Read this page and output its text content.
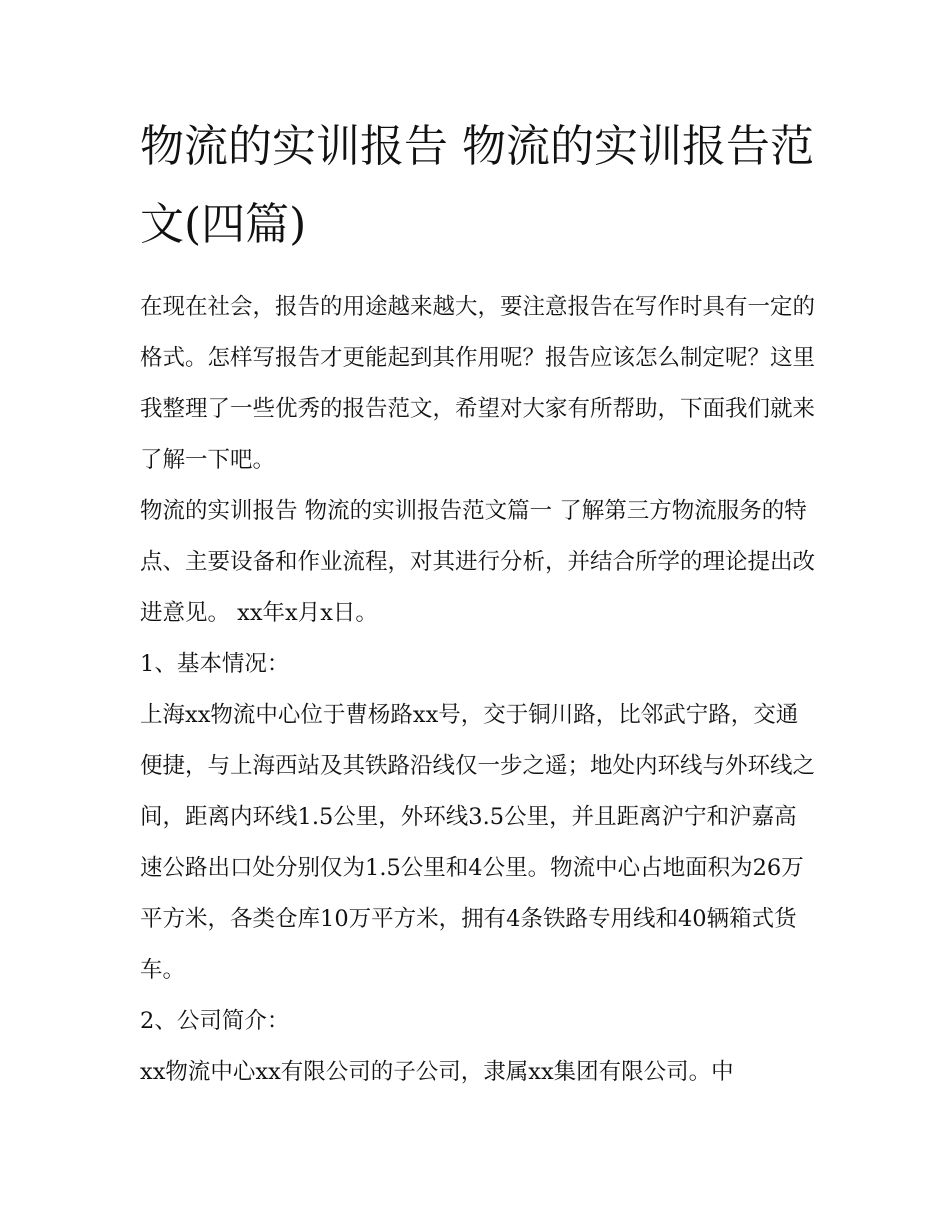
物流的实训报告 物流的实训报告范文(四篇)

在现在社会，报告的用途越来越大，要注意报告在写作时具有一定的格式。怎样写报告才更能起到其作用呢？报告应该怎么制定呢？这里我整理了一些优秀的报告范文，希望对大家有所帮助，下面我们就来了解一下吧。

物流的实训报告 物流的实训报告范文篇一 了解第三方物流服务的特点、主要设备和作业流程，对其进行分析，并结合所学的理论提出改进意见。 xx年x月x日。

1、基本情况：

上海xx物流中心位于曹杨路xx号，交于铜川路，比邻武宁路，交通便捷，与上海西站及其铁路沿线仅一步之遥；地处内环线与外环线之间，距离内环线1.5公里，外环线3.5公里，并且距离沪宁和沪嘉高速公路出口处分别仅为1.5公里和4公里。物流中心占地面积为26万平方米，各类仓库10万平方米，拥有4条铁路专用线和40辆箱式货车。

2、公司简介：

xx物流中心xx有限公司的子公司，隶属xx集团有限公司。中
